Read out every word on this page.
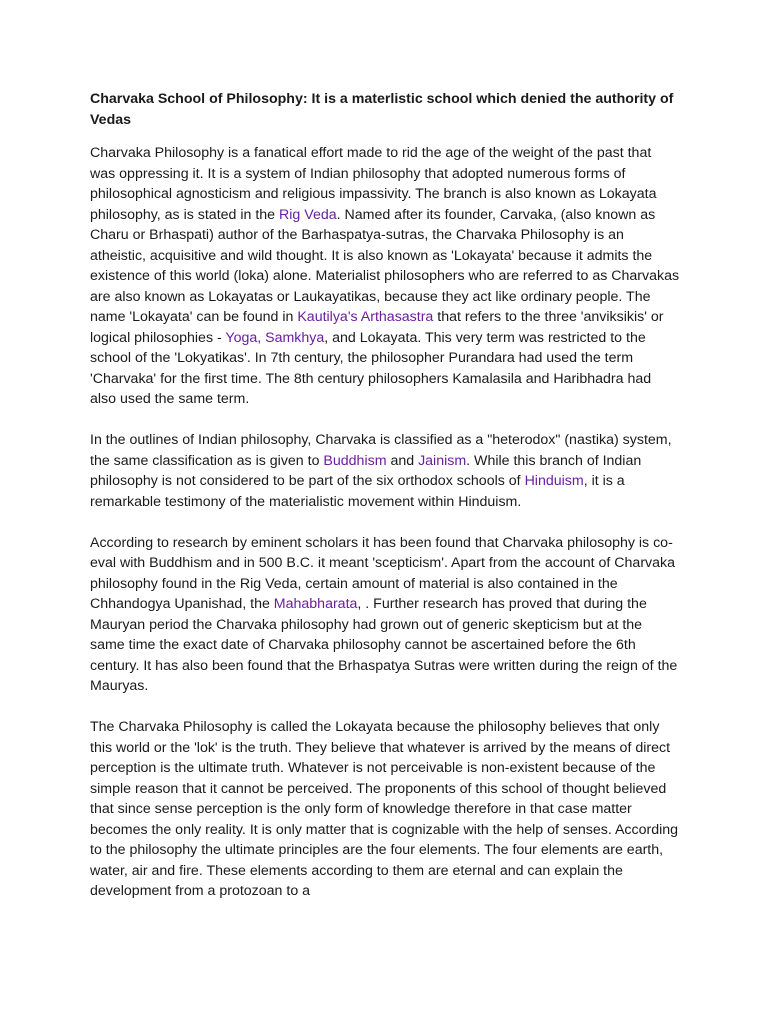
Charvaka School of Philosophy: It is a materlistic school which denied the authority of Vedas

Charvaka Philosophy is a fanatical effort made to rid the age of the weight of the past that was oppressing it. It is a system of Indian philosophy that adopted numerous forms of philosophical agnosticism and religious impassivity. The branch is also known as Lokayata philosophy, as is stated in the Rig Veda. Named after its founder, Carvaka, (also known as Charu or Brhaspati) author of the Barhaspatya-sutras, the Charvaka Philosophy is an atheistic, acquisitive and wild thought. It is also known as 'Lokayata' because it admits the existence of this world (loka) alone. Materialist philosophers who are referred to as Charvakas are also known as Lokayatas or Laukayatikas, because they act like ordinary people. The name 'Lokayata' can be found in Kautilya's Arthasastra that refers to the three 'anviksikis' or logical philosophies - Yoga, Samkhya, and Lokayata. This very term was restricted to the school of the 'Lokyatikas'. In 7th century, the philosopher Purandara had used the term 'Charvaka' for the first time. The 8th century philosophers Kamalasila and Haribhadra had also used the same term.

In the outlines of Indian philosophy, Charvaka is classified as a "heterodox" (nastika) system, the same classification as is given to Buddhism and Jainism. While this branch of Indian philosophy is not considered to be part of the six orthodox schools of Hinduism, it is a remarkable testimony of the materialistic movement within Hinduism.

According to research by eminent scholars it has been found that Charvaka philosophy is co-eval with Buddhism and in 500 B.C. it meant 'scepticism'. Apart from the account of Charvaka philosophy found in the Rig Veda, certain amount of material is also contained in the Chhandogya Upanishad, the Mahabharata, . Further research has proved that during the Mauryan period the Charvaka philosophy had grown out of generic skepticism but at the same time the exact date of Charvaka philosophy cannot be ascertained before the 6th century. It has also been found that the Brhaspatya Sutras were written during the reign of the Mauryas.

The Charvaka Philosophy is called the Lokayata because the philosophy believes that only this world or the 'lok' is the truth. They believe that whatever is arrived by the means of direct perception is the ultimate truth. Whatever is not perceivable is non-existent because of the simple reason that it cannot be perceived. The proponents of this school of thought believed that since sense perception is the only form of knowledge therefore in that case matter becomes the only reality. It is only matter that is cognizable with the help of senses. According to the philosophy the ultimate principles are the four elements. The four elements are earth, water, air and fire. These elements according to them are eternal and can explain the development from a protozoan to a
